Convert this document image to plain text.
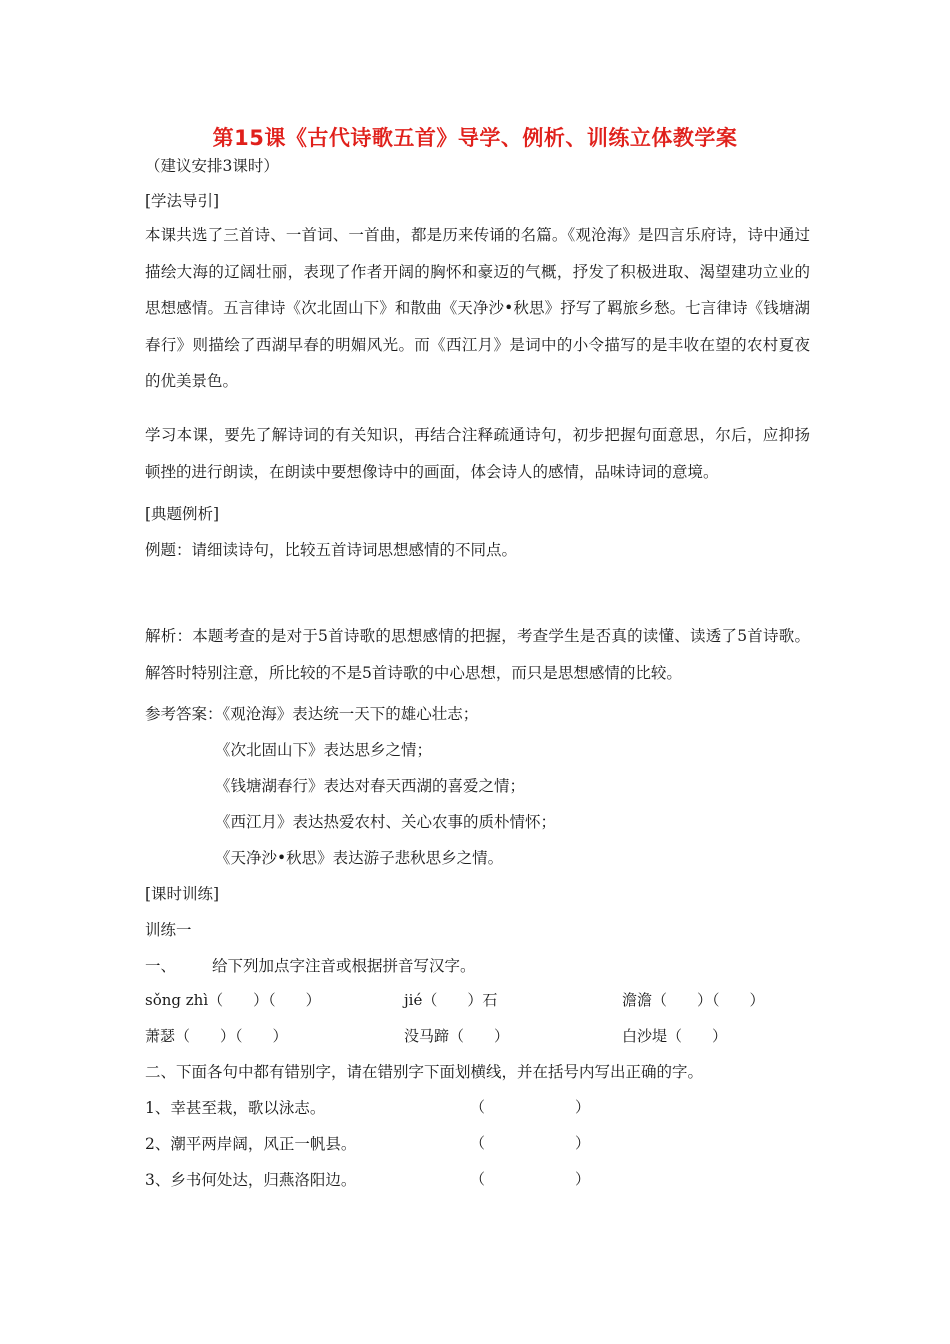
第15课《古代诗歌五首》导学、例析、训练立体教学案
（建议安排3课时）
[学法导引]
本课共选了三首诗、一首词、一首曲，都是历来传诵的名篇。《观沧海》是四言乐府诗，诗中通过描绘大海的辽阔壮丽，表现了作者开阔的胸怀和豪迈的气概，抒发了积极进取、渴望建功立业的思想感情。五言律诗《次北固山下》和散曲《天净沙•秋思》抒写了羁旅乡愁。七言律诗《钱塘湖春行》则描绘了西湖早春的明媚风光。而《西江月》是词中的小令描写的是丰收在望的农村夏夜的优美景色。
学习本课，要先了解诗词的有关知识，再结合注释疏通诗句，初步把握句面意思，尔后，应抑扬顿挫的进行朗读，在朗读中要想像诗中的画面，体会诗人的感情，品味诗词的意境。
[典题例析]
例题：请细读诗句，比较五首诗词思想感情的不同点。
解析：本题考查的是对于5首诗歌的思想感情的把握，考查学生是否真的读懂、读透了5首诗歌。解答时特别注意，所比较的不是5首诗歌的中心思想，而只是思想感情的比较。
参考答案：《观沧海》表达统一天下的雄心壮志；
《次北固山下》表达思乡之情；
《钱塘湖春行》表达对春天西湖的喜爱之情；
《西江月》表达热爱农村、关心农事的质朴情怀；
《天净沙•秋思》表达游子悲秋思乡之情。
[课时训练]
训练一
一、 给下列加点字注音或根据拼音写汉字。
sǒng zhì（　　）（　　）	jié（　　）石	澹澹（　　）（　　）
萧瑟（　　）（　　）	没马蹄（　　）	白沙堤（　　）
二、下面各句中都有错别字，请在错别字下面划横线，并在括号内写出正确的字。
1、幸甚至栽，歌以泳志。	（　　　　　　）
2、潮平两岸阔，风正一帆县。	（　　　　　　）
3、乡书何处达，归燕洛阳边。	（　　　　　　）
